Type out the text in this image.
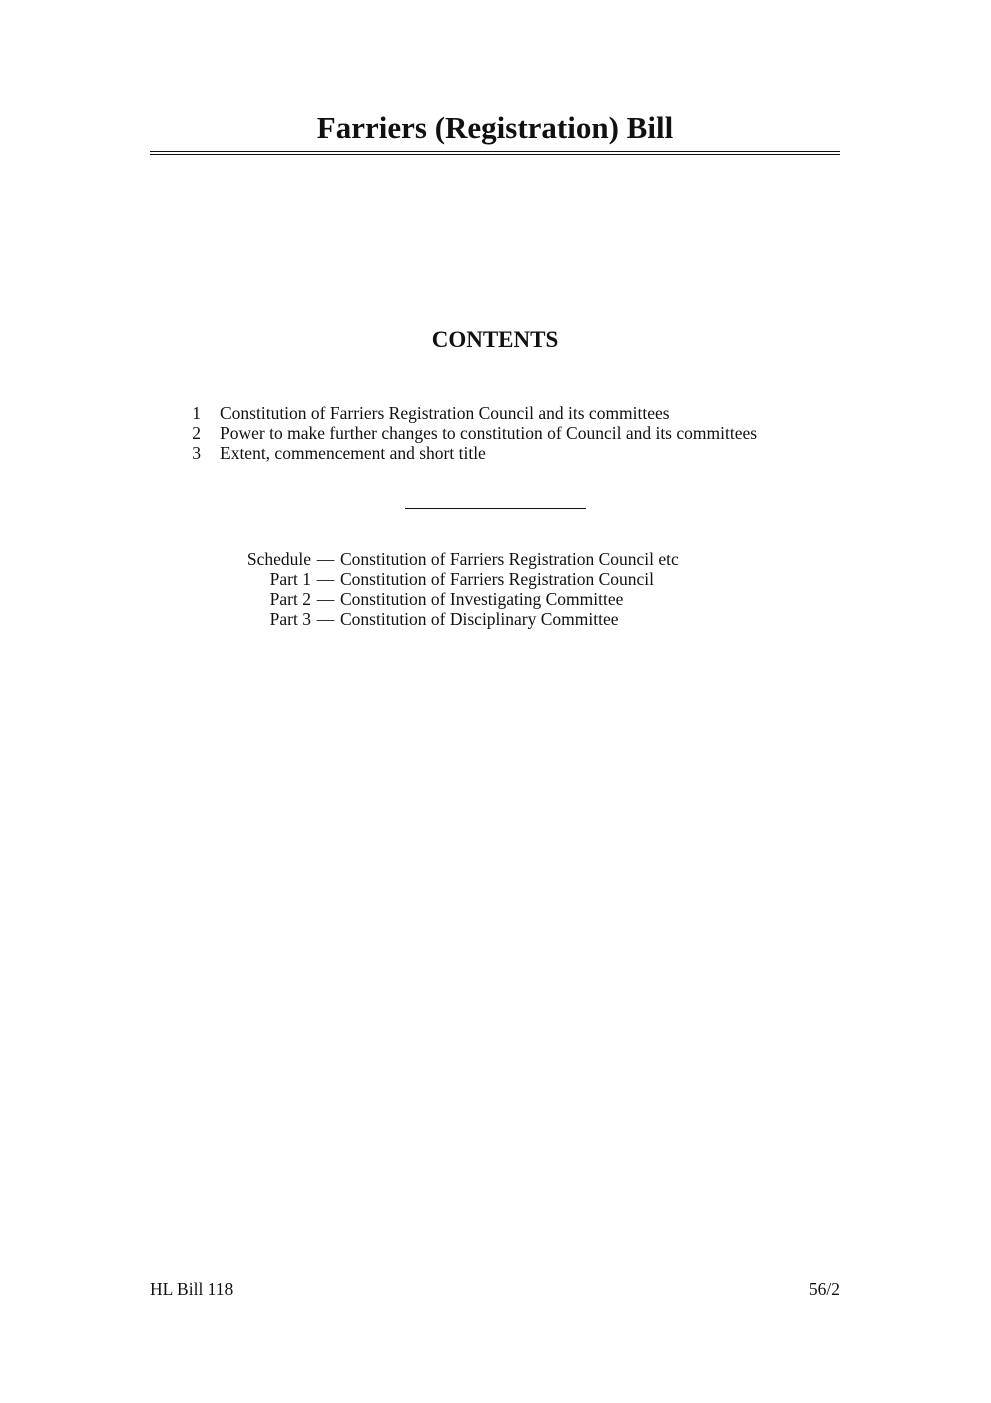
Farriers (Registration) Bill
CONTENTS
1	Constitution of Farriers Registration Council and its committees
2	Power to make further changes to constitution of Council and its committees
3	Extent, commencement and short title
Schedule — Constitution of Farriers Registration Council etc
Part 1 — Constitution of Farriers Registration Council
Part 2 — Constitution of Investigating Committee
Part 3 — Constitution of Disciplinary Committee
HL Bill 118	56/2
